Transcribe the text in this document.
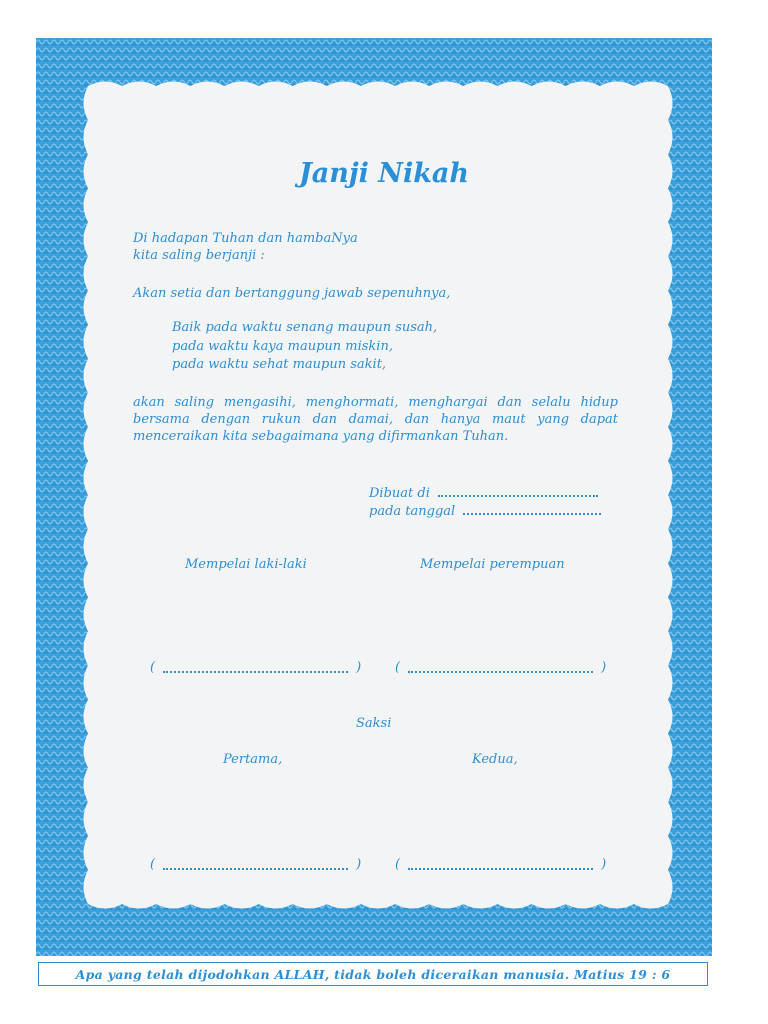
Janji Nikah
Di hadapan Tuhan dan hambaNya
kita saling berjanji :
Akan setia dan bertanggung jawab sepenuhnya,
Baik pada waktu senang maupun susah,
pada waktu kaya maupun miskin,
pada waktu sehat maupun sakit,
akan saling mengasihi, menghormati, menghargai dan selalu hidup bersama dengan rukun dan damai, dan hanya maut yang dapat menceraikan kita sebagaimana yang difirmankan Tuhan.
Dibuat di
pada tanggal
Mempelai laki-laki	Mempelai perempuan
(	)	(	)
Saksi
Pertama,	Kedua,
(	)	(	)
Apa yang telah dijodohkan ALLAH, tidak boleh diceraikan manusia. Matius 19 : 6
